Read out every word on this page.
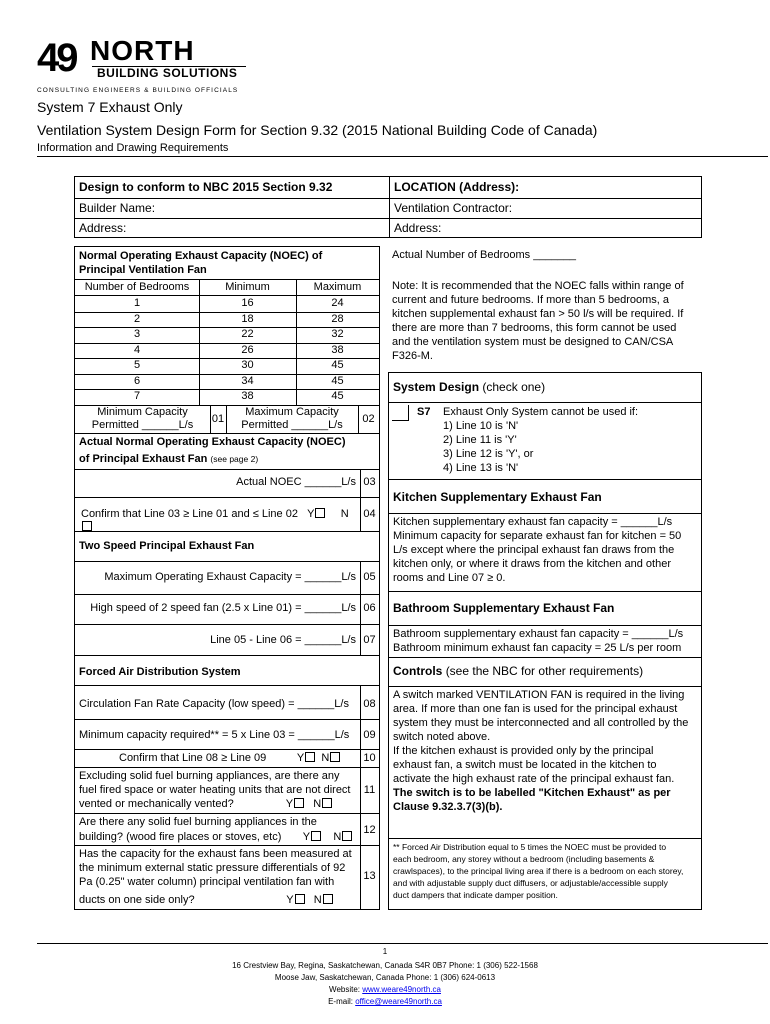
49 NORTH
BUILDING SOLUTIONS
CONSULTING ENGINEERS & BUILDING OFFICIALS
System 7 Exhaust Only
Ventilation System Design Form for Section 9.32 (2015 National Building Code of Canada)
Information and Drawing Requirements
Design to conform to NBC 2015 Section 9.32
Builder Name:
Address:
LOCATION (Address):
Ventilation Contractor:
Address:
Normal Operating Exhaust Capacity (NOEC) of
Principal Ventilation Fan
Number of Bedrooms	Minimum	Maximum
Minimum Capacity
Permitted ______L/s	01
Maximum Capacity
Permitted ______L/s	02
Actual Normal Operating Exhaust Capacity (NOEC)
of Principal Exhaust Fan (see page 2)
Actual NOEC ______L/s 03
Confirm that Line 03 ≥ Line 01 and ≤ Line 02 Y N	04
Two Speed Principal Exhaust Fan
Maximum Operating Exhaust Capacity = ______L/s 05
High speed of 2 speed fan (2.5 x Line 01) = ______L/s 06
Line 05 - Line 06 = ______L/s 07
Forced Air Distribution System
Circulation Fan Rate Capacity (low speed) = ______L/s	08
Minimum capacity required** = 5 x Line 03 = ______L/s	09
Confirm that Line 08 ≥ Line 09	Y N	10
Excluding solid fuel burning appliances, are there any
fuel fired space or water heating units that are not direct
vented or mechanically vented?	Y N
11
Are there any solid fuel burning appliances in the
building? (wood fire places or stoves, etc) Y N
12
Has the capacity for the exhaust fans been measured at
the minimum external static pressure differentials of 92
Pa (0.25" water column) principal ventilation fan with
ducts on one side only?	Y N
13
1	16	24
2	18	28
3	22	32
4	26	38
5	30	45
6	34	45
7	38	45
Actual Number of Bedrooms _______
Note: It is recommended that the NOEC falls within range of
current and future bedrooms. If more than 5 bedrooms, a
kitchen supplemental exhaust fan > 50 l/s will be required. If
there are more than 7 bedrooms, this form cannot be used
and the ventilation system must be designed to CAN/CSA
F326-M.
System Design (check one)
S7	Exhaust Only System cannot be used if:
1) Line 10 is 'N'
2) Line 11 is 'Y'
3) Line 12 is 'Y', or
4) Line 13 is 'N'
Kitchen Supplementary Exhaust Fan
Kitchen supplementary exhaust fan capacity = ______L/s
Minimum capacity for separate exhaust fan for kitchen = 50
L/s except where the principal exhaust fan draws from the
kitchen only, or where it draws from the kitchen and other
rooms and Line 07 ≥ 0.
Bathroom Supplementary Exhaust Fan
Bathroom supplementary exhaust fan capacity = ______L/s
Bathroom minimum exhaust fan capacity = 25 L/s per room
Controls (see the NBC for other requirements)
A switch marked VENTILATION FAN is required in the living
area. If more than one fan is used for the principal exhaust
system they must be interconnected and all controlled by the
switch noted above.
If the kitchen exhaust is provided only by the principal
exhaust fan, a switch must be located in the kitchen to
activate the high exhaust rate of the principal exhaust fan.
The switch is to be labelled "Kitchen Exhaust" as per
Clause 9.32.3.7(3)(b).
** Forced Air Distribution equal to 5 times the NOEC must be provided to
each bedroom, any storey without a bedroom (including basements &
crawlspaces), to the principal living area if there is a bedroom on each storey,
and with adjustable supply duct diffusers, or adjustable/accessible supply
duct dampers that indicate damper position.
1
16 Crestview Bay, Regina, Saskatchewan, Canada S4R 0B7 Phone: 1 (306) 522-1568
Moose Jaw, Saskatchewan, Canada Phone: 1 (306) 624-0613
Website: www.weare49north.ca
E-mail: office@weare49north.ca
